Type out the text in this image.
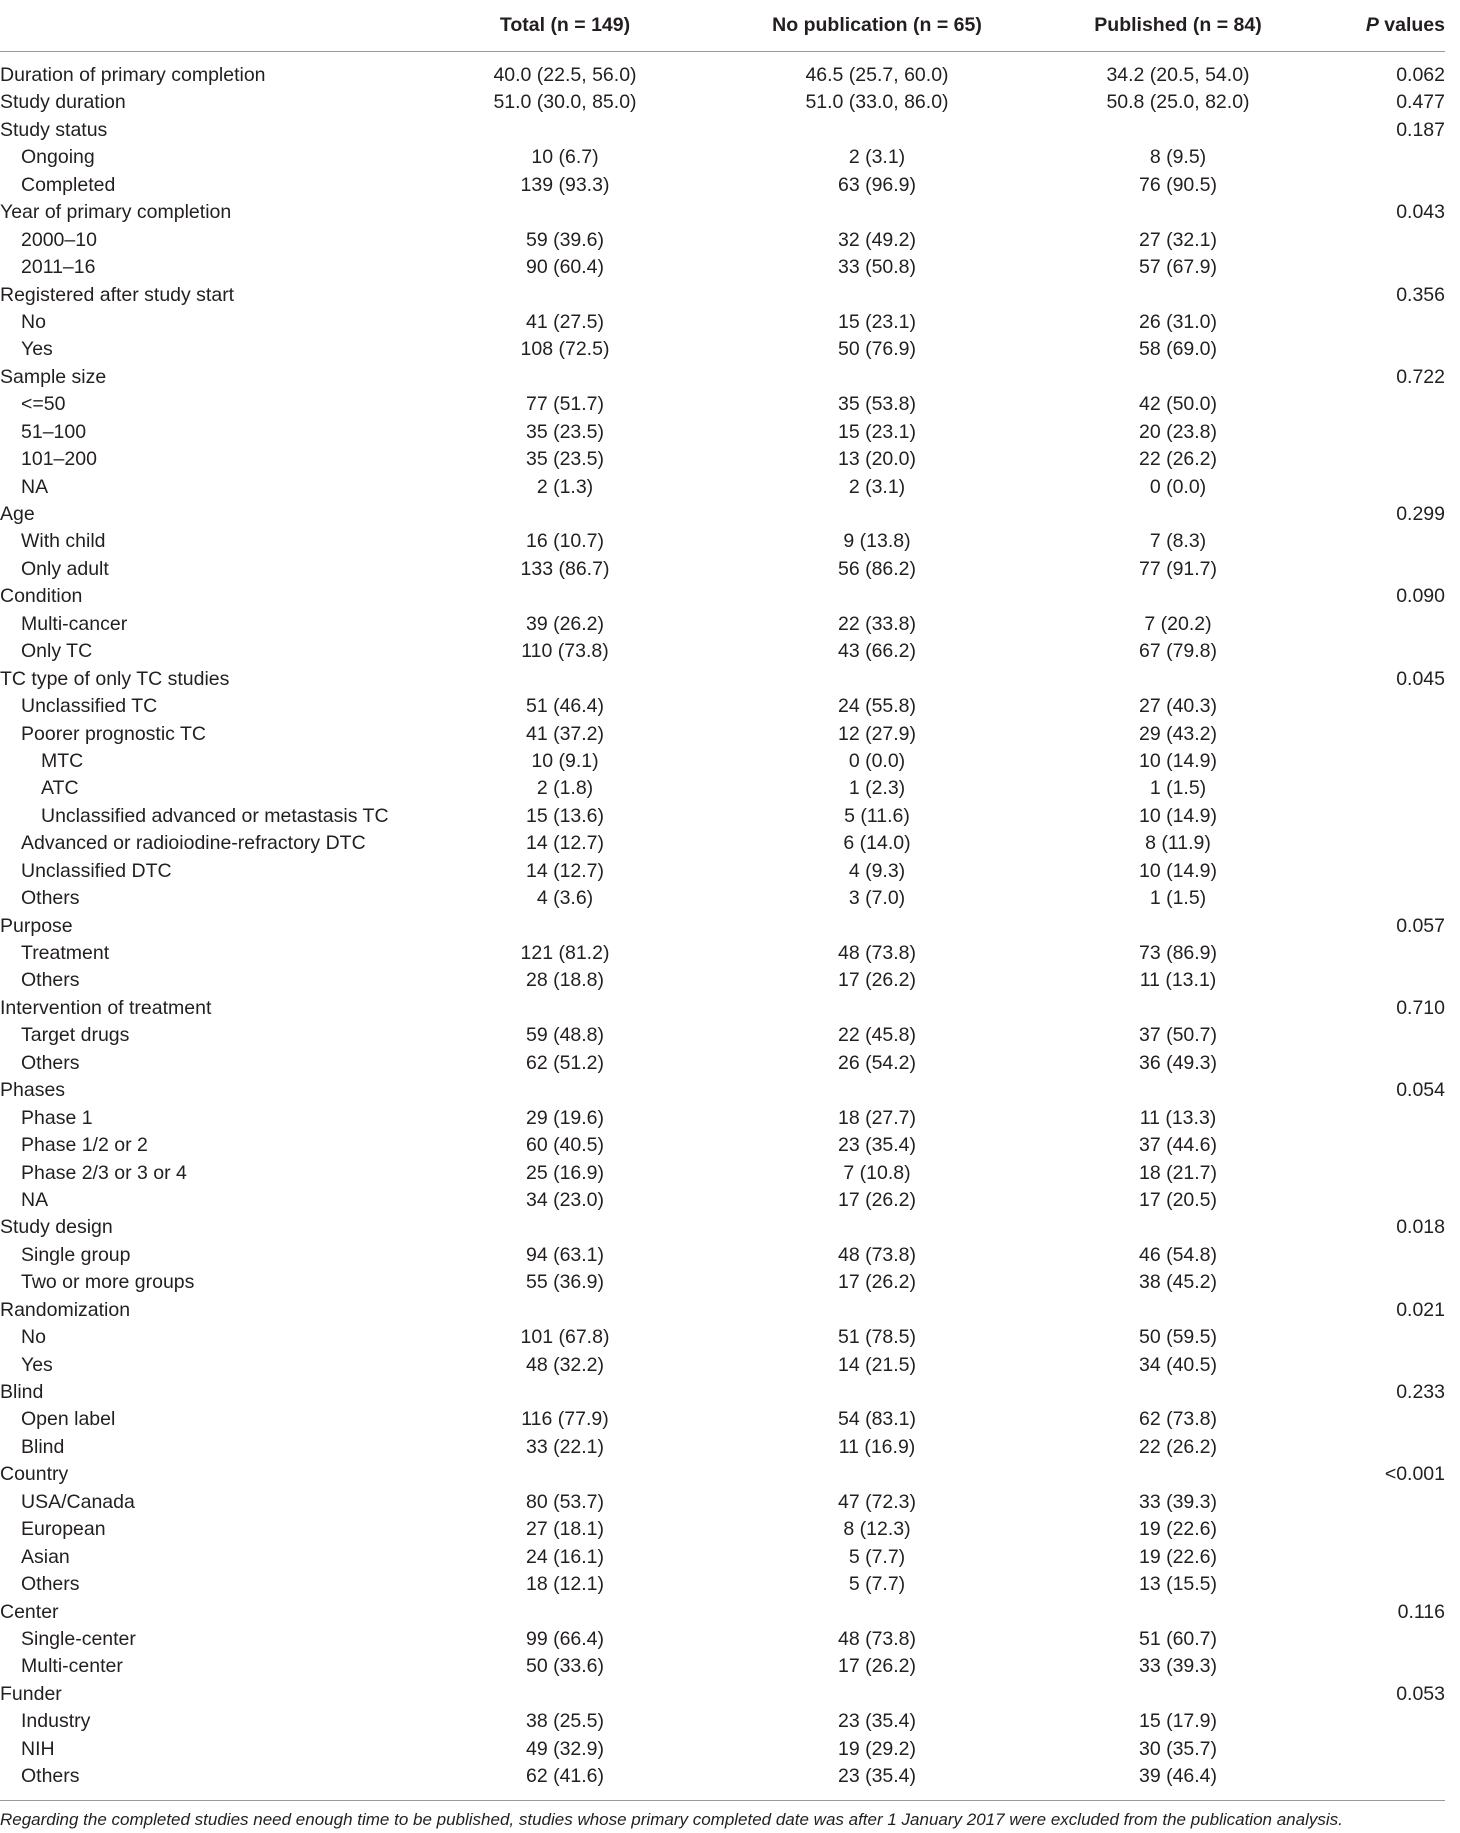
Total (n = 149)	No publication (n = 65)	Published (n = 84)	P values
Duration of primary completion	40.0 (22.5, 56.0)	46.5 (25.7, 60.0)	34.2 (20.5, 54.0)	0.062
Study duration	51.0 (30.0, 85.0)	51.0 (33.0, 86.0)	50.8 (25.0, 82.0)	0.477
Study status	0.187
Ongoing	10 (6.7)	2 (3.1)	8 (9.5)
Completed	139 (93.3)	63 (96.9)	76 (90.5)
Year of primary completion	0.043
2000–10	59 (39.6)	32 (49.2)	27 (32.1)
2011–16	90 (60.4)	33 (50.8)	57 (67.9)
Registered after study start	0.356
No	41 (27.5)	15 (23.1)	26 (31.0)
Yes	108 (72.5)	50 (76.9)	58 (69.0)
Sample size	0.722
<=50	77 (51.7)	35 (53.8)	42 (50.0)
51–100	35 (23.5)	15 (23.1)	20 (23.8)
101–200	35 (23.5)	13 (20.0)	22 (26.2)
NA	2 (1.3)	2 (3.1)	0 (0.0)
Age	0.299
With child	16 (10.7)	9 (13.8)	7 (8.3)
Only adult	133 (86.7)	56 (86.2)	77 (91.7)
Condition	0.090
Multi-cancer	39 (26.2)	22 (33.8)	7 (20.2)
Only TC	110 (73.8)	43 (66.2)	67 (79.8)
TC type of only TC studies	0.045
Unclassified TC	51 (46.4)	24 (55.8)	27 (40.3)
Poorer prognostic TC	41 (37.2)	12 (27.9)	29 (43.2)
MTC	10 (9.1)	0 (0.0)	10 (14.9)
ATC	2 (1.8)	1 (2.3)	1 (1.5)
Unclassified advanced or metastasis TC	15 (13.6)	5 (11.6)	10 (14.9)
Advanced or radioiodine-refractory DTC	14 (12.7)	6 (14.0)	8 (11.9)
Unclassified DTC	14 (12.7)	4 (9.3)	10 (14.9)
Others	4 (3.6)	3 (7.0)	1 (1.5)
Purpose	0.057
Treatment	121 (81.2)	48 (73.8)	73 (86.9)
Others	28 (18.8)	17 (26.2)	11 (13.1)
Intervention of treatment	0.710
Target drugs	59 (48.8)	22 (45.8)	37 (50.7)
Others	62 (51.2)	26 (54.2)	36 (49.3)
Phases	0.054
Phase 1	29 (19.6)	18 (27.7)	11 (13.3)
Phase 1/2 or 2	60 (40.5)	23 (35.4)	37 (44.6)
Phase 2/3 or 3 or 4	25 (16.9)	7 (10.8)	18 (21.7)
NA	34 (23.0)	17 (26.2)	17 (20.5)
Study design	0.018
Single group	94 (63.1)	48 (73.8)	46 (54.8)
Two or more groups	55 (36.9)	17 (26.2)	38 (45.2)
Randomization	0.021
No	101 (67.8)	51 (78.5)	50 (59.5)
Yes	48 (32.2)	14 (21.5)	34 (40.5)
Blind	0.233
Open label	116 (77.9)	54 (83.1)	62 (73.8)
Blind	33 (22.1)	11 (16.9)	22 (26.2)
Country	<0.001
USA/Canada	80 (53.7)	47 (72.3)	33 (39.3)
European	27 (18.1)	8 (12.3)	19 (22.6)
Asian	24 (16.1)	5 (7.7)	19 (22.6)
Others	18 (12.1)	5 (7.7)	13 (15.5)
Center	0.116
Single-center	99 (66.4)	48 (73.8)	51 (60.7)
Multi-center	50 (33.6)	17 (26.2)	33 (39.3)
Funder	0.053
Industry	38 (25.5)	23 (35.4)	15 (17.9)
NIH	49 (32.9)	19 (29.2)	30 (35.7)
Others	62 (41.6)	23 (35.4)	39 (46.4)
Regarding the completed studies need enough time to be published, studies whose primary completed date was after 1 January 2017 were excluded from the publication analysis.
